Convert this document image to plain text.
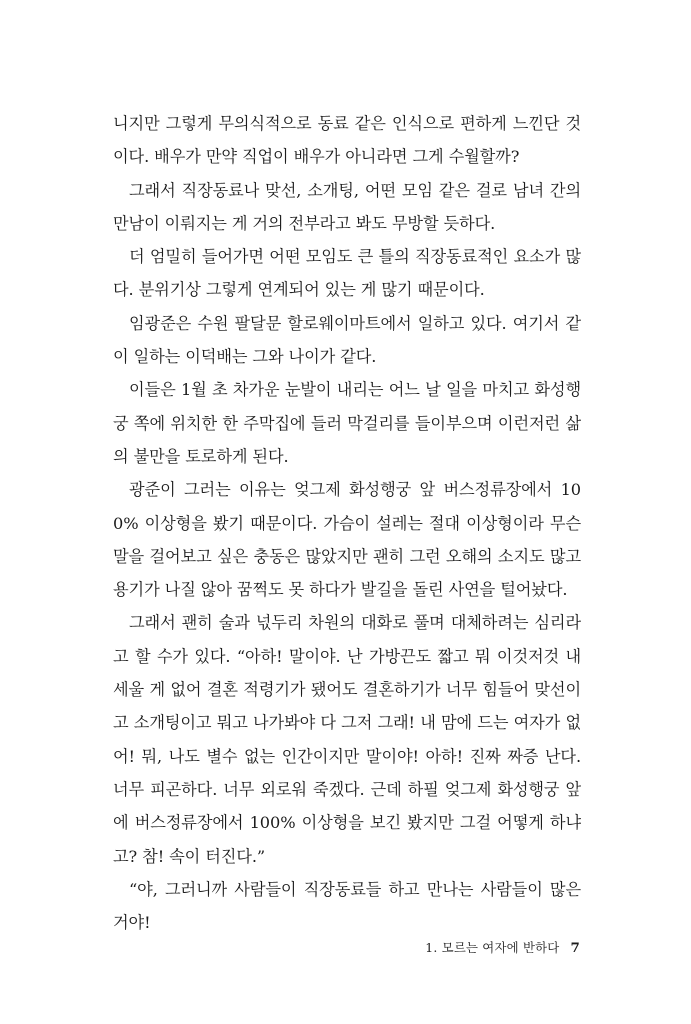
니지만 그렇게 무의식적으로 동료 같은 인식으로 편하게 느낀단 것이다. 배우가 만약 직업이 배우가 아니라면 그게 수월할까?

그래서 직장동료나 맞선, 소개팅, 어떤 모임 같은 걸로 남녀 간의 만남이 이뤄지는 게 거의 전부라고 봐도 무방할 듯하다.

더 엄밀히 들어가면 어떤 모임도 큰 틀의 직장동료적인 요소가 많다. 분위기상 그렇게 연계되어 있는 게 많기 때문이다.

임광준은 수원 팔달문 할로웨이마트에서 일하고 있다. 여기서 같이 일하는 이덕배는 그와 나이가 같다.

이들은 1월 초 차가운 눈발이 내리는 어느 날 일을 마치고 화성행궁 쪽에 위치한 한 주막집에 들러 막걸리를 들이부으며 이런저런 삶의 불만을 토로하게 된다.

광준이 그러는 이유는 엊그제 화성행궁 앞 버스정류장에서 100% 이상형을 봤기 때문이다. 가슴이 설레는 절대 이상형이라 무슨 말을 걸어보고 싶은 충동은 많았지만 괜히 그런 오해의 소지도 많고 용기가 나질 않아 꿈쩍도 못 하다가 발길을 돌린 사연을 털어놨다.

그래서 괜히 술과 넋두리 차원의 대화로 풀며 대체하려는 심리라고 할 수가 있다. “아하! 말이야. 난 가방끈도 짧고 뭐 이것저것 내세울 게 없어 결혼 적령기가 됐어도 결혼하기가 너무 힘들어 맞선이고 소개팅이고 뭐고 나가봐야 다 그저 그래! 내 맘에 드는 여자가 없어! 뭐, 나도 별수 없는 인간이지만 말이야! 아하! 진짜 짜증 난다. 너무 피곤하다. 너무 외로워 죽겠다. 근데 하필 엊그제 화성행궁 앞에 버스정류장에서 100% 이상형을 보긴 봤지만 그걸 어떻게 하냐고? 참! 속이 터진다.”

“야, 그러니까 사람들이 직장동료들 하고 만나는 사람들이 많은 거야!

1. 모르는 여자에 반하다 7
